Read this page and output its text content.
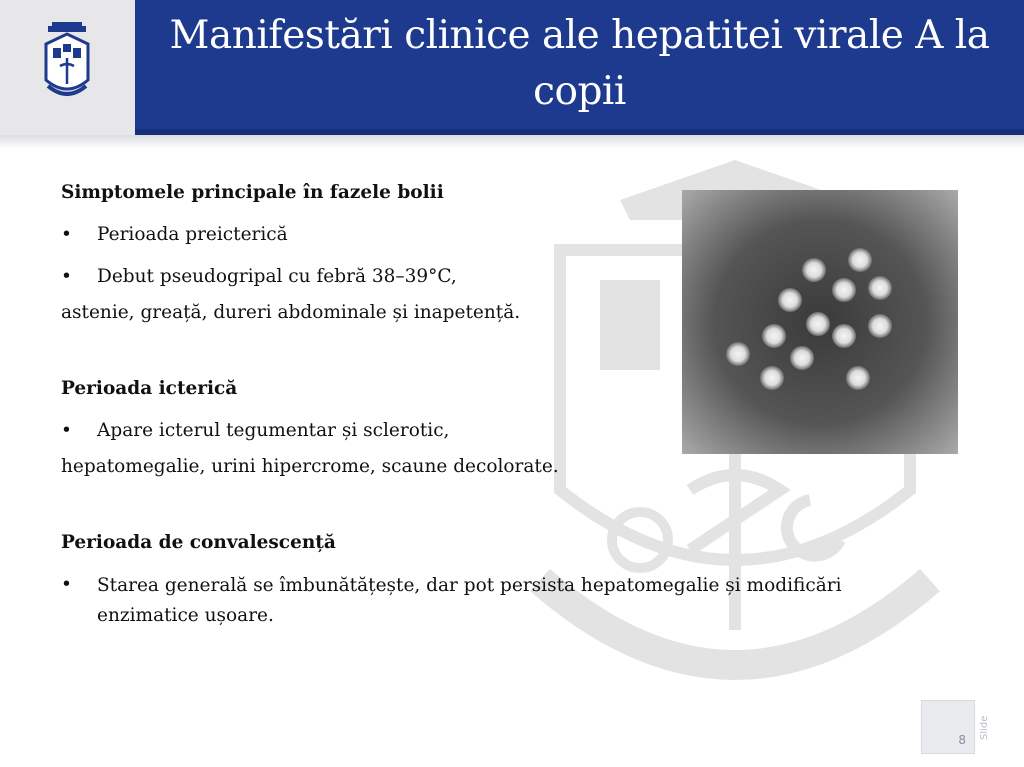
Manifestări clinice ale hepatitei virale A la copii
Simptomele principale în fazele bolii
•	Perioada preicterică
•	Debut pseudogripal cu febră 38–39°C,
astenie, greață, dureri abdominale și inapetență.
Perioada icterică
•	Apare icterul tegumentar și sclerotic,
hepatomegalie, urini hipercrome, scaune decolorate.
Perioada de convalescență
•	Starea generală se îmbunătățește, dar pot persista hepatomegalie și modificări enzimatice ușoare.
8 Slide
